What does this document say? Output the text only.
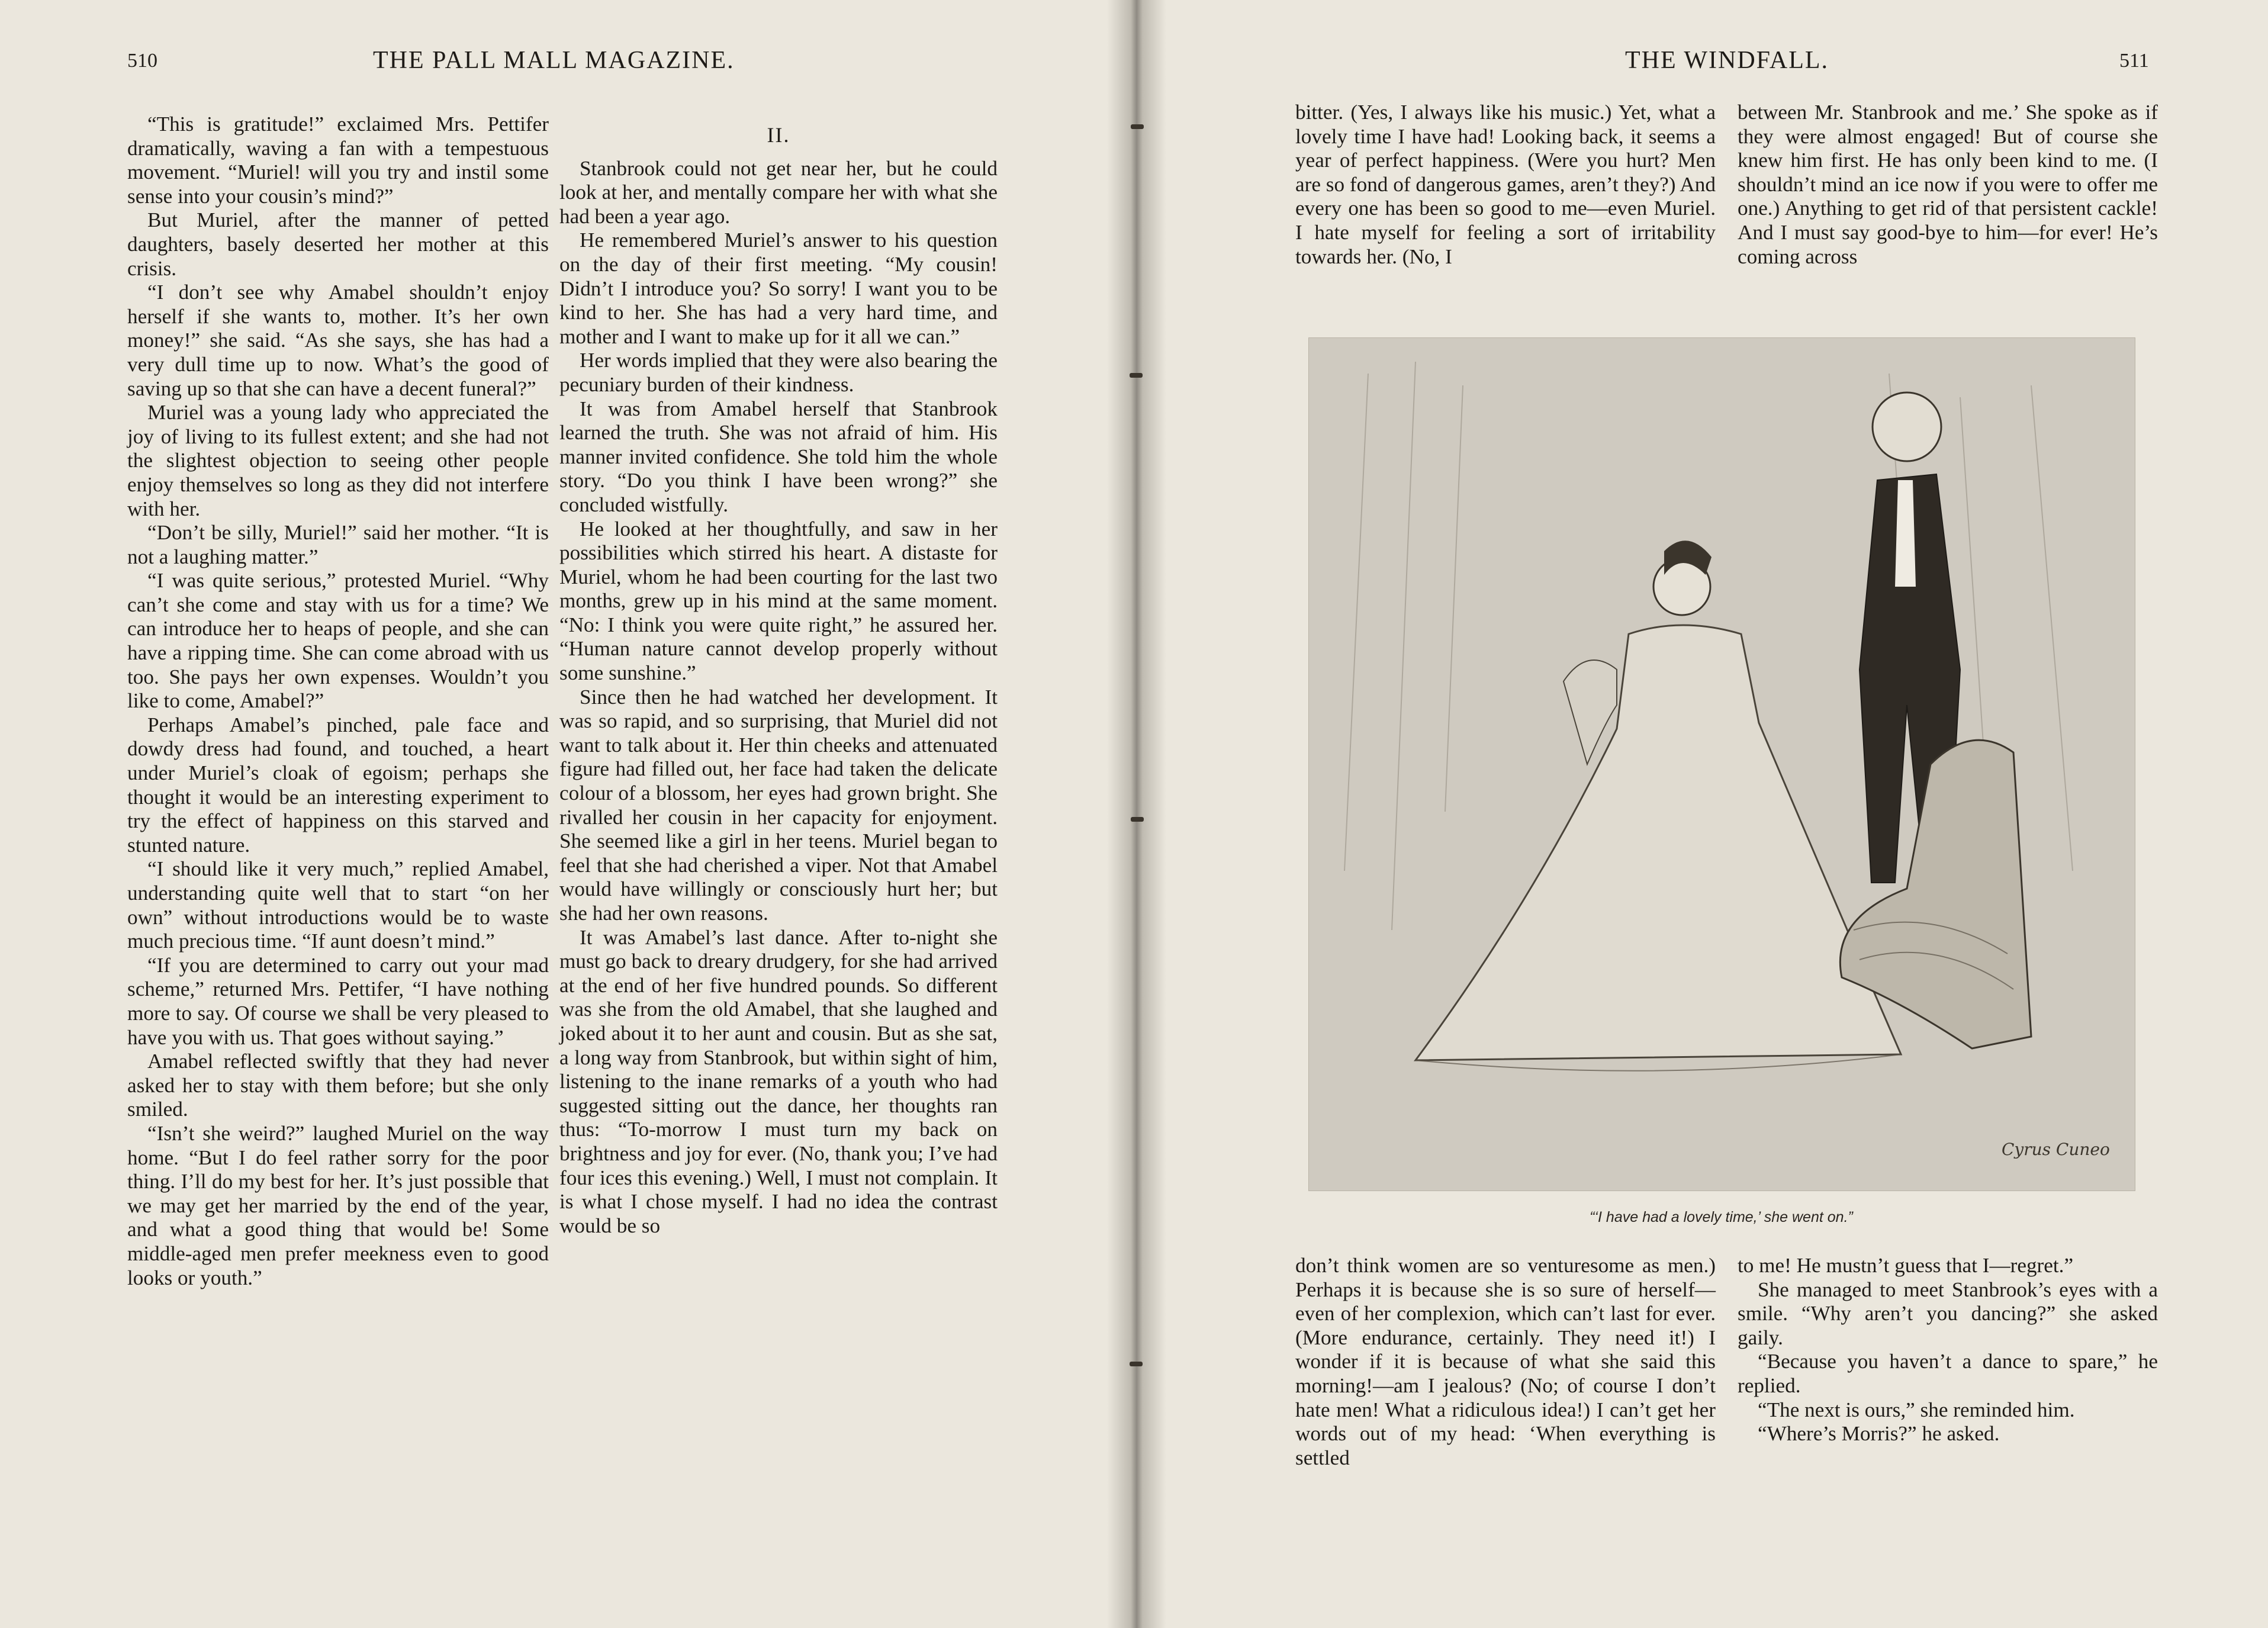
510	THE PALL MALL MAGAZINE.

“This is gratitude!” exclaimed Mrs. Pettifer dramatically, waving a fan with a tempestuous movement. “Muriel! will you try and instil some sense into your cousin’s mind?”

But Muriel, after the manner of petted daughters, basely deserted her mother at this crisis.

“I don’t see why Amabel shouldn’t enjoy herself if she wants to, mother. It’s her own money!” she said. “As she says, she has had a very dull time up to now. What’s the good of saving up so that she can have a decent funeral?”

Muriel was a young lady who appreciated the joy of living to its fullest extent; and she had not the slightest objection to seeing other people enjoy themselves so long as they did not interfere with her.

“Don’t be silly, Muriel!” said her mother. “It is not a laughing matter.”

“I was quite serious,” protested Muriel. “Why can’t she come and stay with us for a time? We can introduce her to heaps of people, and she can have a ripping time. She can come abroad with us too. She pays her own expenses. Wouldn’t you like to come, Amabel?”

Perhaps Amabel’s pinched, pale face and dowdy dress had found, and touched, a heart under Muriel’s cloak of egoism; perhaps she thought it would be an interesting experiment to try the effect of happiness on this starved and stunted nature.

“I should like it very much,” replied Amabel, understanding quite well that to start “on her own” without introductions would be to waste much precious time. “If aunt doesn’t mind.”

“If you are determined to carry out your mad scheme,” returned Mrs. Pettifer, “I have nothing more to say. Of course we shall be very pleased to have you with us. That goes without saying.”

Amabel reflected swiftly that they had never asked her to stay with them before; but she only smiled.

“Isn’t she weird?” laughed Muriel on the way home. “But I do feel rather sorry for the poor thing. I’ll do my best for her. It’s just possible that we may get her married by the end of the year, and what a good thing that would be! Some middle-aged men prefer meekness even to good looks or youth.”

II.

Stanbrook could not get near her, but he could look at her, and mentally compare her with what she had been a year ago.

He remembered Muriel’s answer to his question on the day of their first meeting. “My cousin! Didn’t I introduce you? So sorry! I want you to be kind to her. She has had a very hard time, and mother and I want to make up for it all we can.”

Her words implied that they were also bearing the pecuniary burden of their kindness.

It was from Amabel herself that Stanbrook learned the truth. She was not afraid of him. His manner invited confidence. She told him the whole story. “Do you think I have been wrong?” she concluded wistfully.

He looked at her thoughtfully, and saw in her possibilities which stirred his heart. A distaste for Muriel, whom he had been courting for the last two months, grew up in his mind at the same moment. “No: I think you were quite right,” he assured her. “Human nature cannot develop properly without some sunshine.”

Since then he had watched her development. It was so rapid, and so surprising, that Muriel did not want to talk about it. Her thin cheeks and attenuated figure had filled out, her face had taken the delicate colour of a blossom, her eyes had grown bright. She rivalled her cousin in her capacity for enjoyment. She seemed like a girl in her teens. Muriel began to feel that she had cherished a viper. Not that Amabel would have willingly or consciously hurt her; but she had her own reasons.

It was Amabel’s last dance. After to-night she must go back to dreary drudgery, for she had arrived at the end of her five hundred pounds. So different was she from the old Amabel, that she laughed and joked about it to her aunt and cousin. But as she sat, a long way from Stanbrook, but within sight of him, listening to the inane remarks of a youth who had suggested sitting out the dance, her thoughts ran thus: “To-morrow I must turn my back on brightness and joy for ever. (No, thank you; I’ve had four ices this evening.) Well, I must not complain. It is what I chose myself. I had no idea the contrast would be so

THE WINDFALL.	511

bitter. (Yes, I always like his music.) Yet, what a lovely time I have had! Looking back, it seems a year of perfect happiness. (Were you hurt? Men are so fond of dangerous games, aren’t they?) And every one has been so good to me—even Muriel. I hate myself for feeling a sort of irritability towards her. (No, I

between Mr. Stanbrook and me.’ She spoke as if they were almost engaged! But of course she knew him first. He has only been kind to me. (I shouldn’t mind an ice now if you were to offer me one.) Anything to get rid of that persistent cackle! And I must say good-bye to him—for ever! He’s coming across

Cyrus Cuneo
“‘I have had a lovely time,’ she went on.”

don’t think women are so venturesome as men.) Perhaps it is because she is so sure of herself—even of her complexion, which can’t last for ever. (More endurance, certainly. They need it!) I wonder if it is because of what she said this morning!—am I jealous? (No; of course I don’t hate men! What a ridiculous idea!) I can’t get her words out of my head: ‘When everything is settled

to me! He mustn’t guess that I—regret.”

She managed to meet Stanbrook’s eyes with a smile. “Why aren’t you dancing?” she asked gaily.

“Because you haven’t a dance to spare,” he replied.

“The next is ours,” she reminded him.

“Where’s Morris?” he asked.
